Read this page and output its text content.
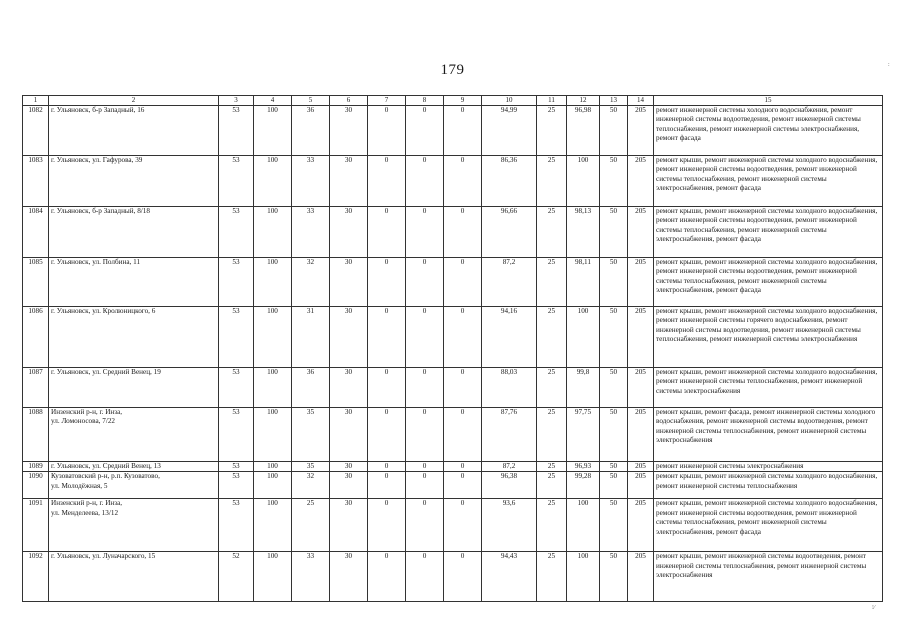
179
1	2	3	4	5	6	7	8	9	10	11	12	13	14	15
1082	г. Ульяновск, б-р Западный, 16	53	100	36	30	0	0	0	94,99	25	96,98	50	205	ремонт инженерной системы холодного водоснабжения, ремонт инженерной системы водоотведения, ремонт инженерной системы теплоснабжения, ремонт инженерной системы электроснабжения, ремонт фасада
1083	г. Ульяновск, ул. Гафурова, 39	53	100	33	30	0	0	0	86,36	25	100	50	205	ремонт крыши, ремонт инженерной системы холодного водоснабжения, ремонт инженерной системы водоотведения, ремонт инженерной системы теплоснабжения, ремонт инженерной системы электроснабжения, ремонт фасада
1084	г. Ульяновск, б-р Западный, 8/18	53	100	33	30	0	0	0	96,66	25	98,13	50	205	ремонт крыши, ремонт инженерной системы холодного водоснабжения, ремонт инженерной системы водоотведения, ремонт инженерной системы теплоснабжения, ремонт инженерной системы электроснабжения, ремонт фасада
1085	г. Ульяновск, ул. Полбина, 11	53	100	32	30	0	0	0	87,2	25	98,11	50	205	ремонт крыши, ремонт инженерной системы холодного водоснабжения, ремонт инженерной системы водоотведения, ремонт инженерной системы теплоснабжения, ремонт инженерной системы электроснабжения, ремонт фасада
1086	г. Ульяновск, ул. Кролюницкого, 6	53	100	31	30	0	0	0	94,16	25	100	50	205	ремонт крыши, ремонт инженерной системы холодного водоснабжения, ремонт инженерной системы горячего водоснабжения, ремонт инженерной системы водоотведения, ремонт инженерной системы теплоснабжения, ремонт инженерной системы электроснабжения
1087	г. Ульяновск, ул. Средний Венец, 19	53	100	36	30	0	0	0	88,03	25	99,8	50	205	ремонт крыши, ремонт инженерной системы холодного водоснабжения, ремонт инженерной системы теплоснабжения, ремонт инженерной системы электроснабжения
1088	Инзенский р-н, г. Инза,
ул. Ломоносова, 7/22	53	100	35	30	0	0	0	87,76	25	97,75	50	205	ремонт крыши, ремонт фасада, ремонт инженерной системы холодного водоснабжения, ремонт инженерной системы водоотведения, ремонт инженерной системы теплоснабжения, ремонт инженерной системы электроснабжения
1089	г. Ульяновск, ул. Средний Венец, 13	53	100	35	30	0	0	0	87,2	25	96,93	50	205	ремонт инженерной системы электроснабжения
1090	Кузоватовский р-н, р.п. Кузоватово,
ул. Молодёжная, 5	53	100	32	30	0	0	0	96,38	25	99,28	50	205	ремонт крыши, ремонт инженерной системы холодного водоснабжения, ремонт инженерной системы теплоснабжения
1091	Инзенский р-н, г. Инза,
ул. Менделеева, 13/12	53	100	25	30	0	0	0	93,6	25	100	50	205	ремонт крыши, ремонт инженерной системы холодного водоснабжения, ремонт инженерной системы водоотведения, ремонт инженерной системы теплоснабжения, ремонт инженерной системы электроснабжения, ремонт фасада
1092	г. Ульяновск, ул. Луначарского, 15	52	100	33	30	0	0	0	94,43	25	100	50	205	ремонт крыши, ремонт инженерной системы водоотведения, ремонт инженерной системы теплоснабжения, ремонт инженерной системы электроснабжения
:
⁝⁄
